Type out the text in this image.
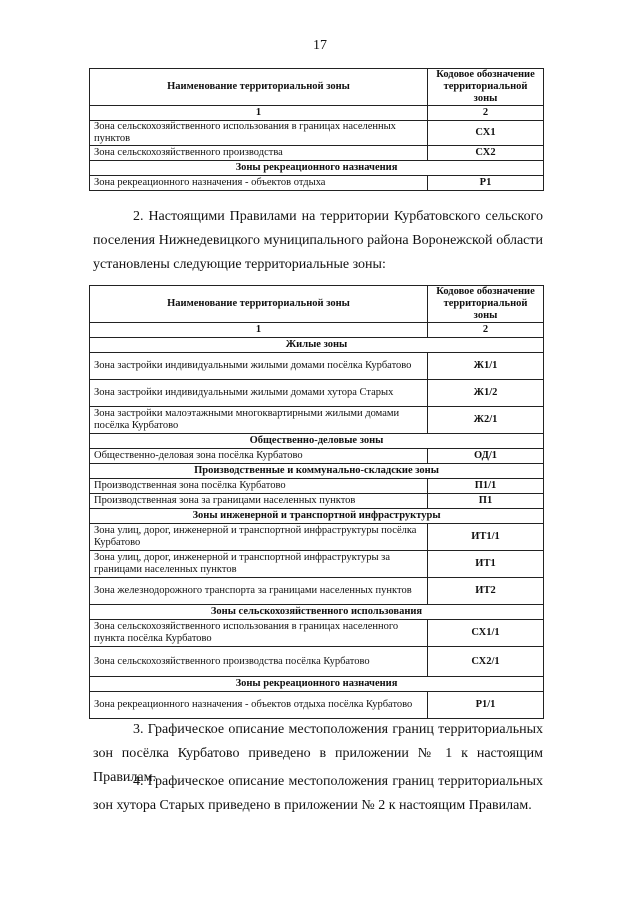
17
Наименование территориальной зоны	Кодовое обозначение территориальной зоны
1	2
Зона сельскохозяйственного использования в границах населенных пунктов	СХ1
Зона сельскохозяйственного производства	СХ2
Зоны рекреационного назначения	
Зона рекреационного назначения - объектов отдыха	Р1

2. Настоящими Правилами на территории Курбатовского сельского поселения Нижнедевицкого муниципального района Воронежской области установлены следующие территориальные зоны:

Наименование территориальной зоны	Кодовое обозначение территориальной зоны
1	2
Жилые зоны	
Зона застройки индивидуальными жилыми домами посёлка Курбатово	Ж1/1
Зона застройки индивидуальными жилыми домами хутора Старых	Ж1/2
Зона застройки малоэтажными многоквартирными жилыми домами посёлка Курбатово	Ж2/1
Общественно-деловые зоны	
Общественно-деловая зона посёлка Курбатово	ОД/1
Производственные и коммунально-складские зоны	
Производственная зона посёлка Курбатово	П1/1
Производственная зона за границами населенных пунктов	П1
Зоны инженерной и транспортной инфраструктуры	
Зона улиц, дорог, инженерной и транспортной инфраструктуры посёлка Курбатово	ИТ1/1
Зона улиц, дорог, инженерной и транспортной инфраструктуры за границами населенных пунктов	ИТ1
Зона железнодорожного транспорта за границами населенных пунктов	ИТ2
Зоны сельскохозяйственного использования	
Зона сельскохозяйственного использования в границах населенного пункта посёлка Курбатово	СХ1/1
Зона сельскохозяйственного производства посёлка Курбатово	СХ2/1
Зоны рекреационного назначения	
Зона рекреационного назначения - объектов отдыха посёлка Курбатово	Р1/1

3. Графическое описание местоположения границ территориальных зон посёлка Курбатово приведено в приложении № 1 к настоящим Правилам.

4. Графическое описание местоположения границ территориальных зон хутора Старых приведено в приложении № 2 к настоящим Правилам.
